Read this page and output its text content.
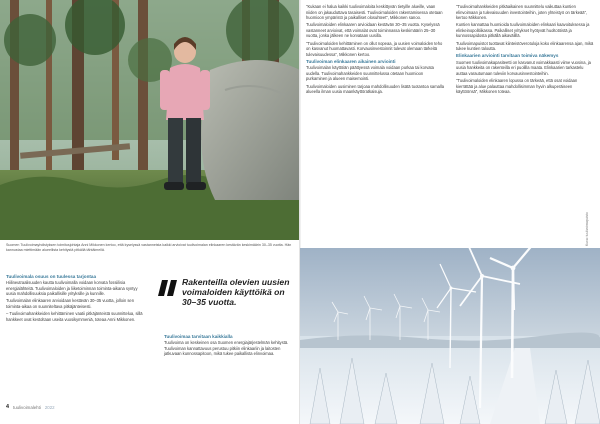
Suomen Tuulivoimayhdistyksen toimitusjohtaja Anni Mikkonen kertoo, että kyselyssä vastanneista kaikki arvioivat tuulivoimalan elinkaaren kestävän keskimäärin 30–35 vuotta. Hän kannustaa miettimään alueellista kehitystä pitkällä tähtäimellä.

Tuulivoimala osuus on tuulessa tarjontaa

Hiilineutraalisuuden kautta tuulivoimalla voidaan korvata fossiilisia energialähteitä. Tuulivoimaloiden ja liiketoiminnan toiminta-aikana syntyy uusia mahdollisuuksia paikallisille yrityksille ja kunnille.

Tuulivoimalan elinkaaren arvioidaan kestävän 30–35 vuotta, jolloin sen toiminta-aikaa on suunniteltava pitkäjänteisesti.

– Tuulivoimahankkeiden kehittäminen vaatii pitkäjänteistä suunnittelua, sillä hankkeet ovat kestoltaan useita vuosikymmeniä, toteaa Anni Mikkonen.

Rakenteilla olevien uusien voimaloiden käyttöikä on 30–35 vuotta.

Tuulivoimaa tarvitaan kaikkialla

Tuulivoima on keskeinen osa Suomen energiajärjestelmän kehitystä. Tuulivoiman kannattavuus perustuu pitkiin elinkaariin ja laitosten jatkuvaan kunnossapitoon, mikä tukee paikallista elinvoimaa.

4 tuulivoimalehti 2022

"Kukaan ei halua kaikki tuulivoimaloita keskittyvän tietyille alueille, vaan niiden on jakauduttava tasaisesti. Tuulivoimaloiden rakentamisessa otetaan huomioon ympäristö ja paikalliset olosuhteet", Mikkonen sanoo.

Tuulivoimaloiden elinkaaren arvioidaan kestävän 30–35 vuotta. Kyselyssä vastanneet arvioivat, että voimalat ovat toiminnassa keskimäärin 25–30 vuotta, jonka jälkeen ne korvataan uusilla.

"Tuulivoimaloiden kehittäminen on ollut nopeaa, ja uusien voimaloiden teho on kasvanut huomattavasti. Korvausinvestoinnit tulevat olemaan tärkeitä tulevaisuudessa", Mikkonen kertoo.

Tuulivoiman elinkaaren aikainen arviointi

Tuulivoimalan käyttöiän päättyessä voimala voidaan purkaa tai korvata uudella. Tuulivoimahankkeiden suunnittelussa otetaan huomioon purkaminen ja alueen maisemointi.

Tuulivoimaloiden uusiminen tarjoaa mahdollisuuden lisätä tuotantoa samalla alueella ilman uusia maankäyttöratkaisuja.

"Tuulivoimahankkeiden pitkäaikainen suunnittelu vaikuttaa kuntien elinvoimaan ja tulevaisuuden investointeihin, joten yhteistyö on tärkeää", kertoo Mikkonen.

Kuntien kannattaa huomioida tuulivoimaloiden elinkaari kaavoituksessa ja elinkeinopolitiikassa. Paikalliset yritykset hyötyvät huoltotöistä ja kunnossapidosta pitkällä aikavälillä.

Tuulivoimapuistot tuottavat kiinteistöverotuloja koko elinkaarensa ajan, mikä tukee kuntien taloutta.

Elinkaarien arviointi tarvitaan toimiva näkemys

Suomen tuulivoimakapasiteetti on kasvanut voimakkaasti viime vuosina, ja uusia hankkeita on rakenteilla eri puolilla maata. Elinkaarien tarkastelu auttaa varautumaan tuleviin korvausinvestointeihin.

"Tuulivoimaloiden elinkaaren lopussa on tärkeää, että osat voidaan kierrättää ja alue palauttaa mahdollisimman hyvin alkuperäiseen käyttöönsä", Mikkonen toteaa.

Kuva: tuulivoimapuisto
